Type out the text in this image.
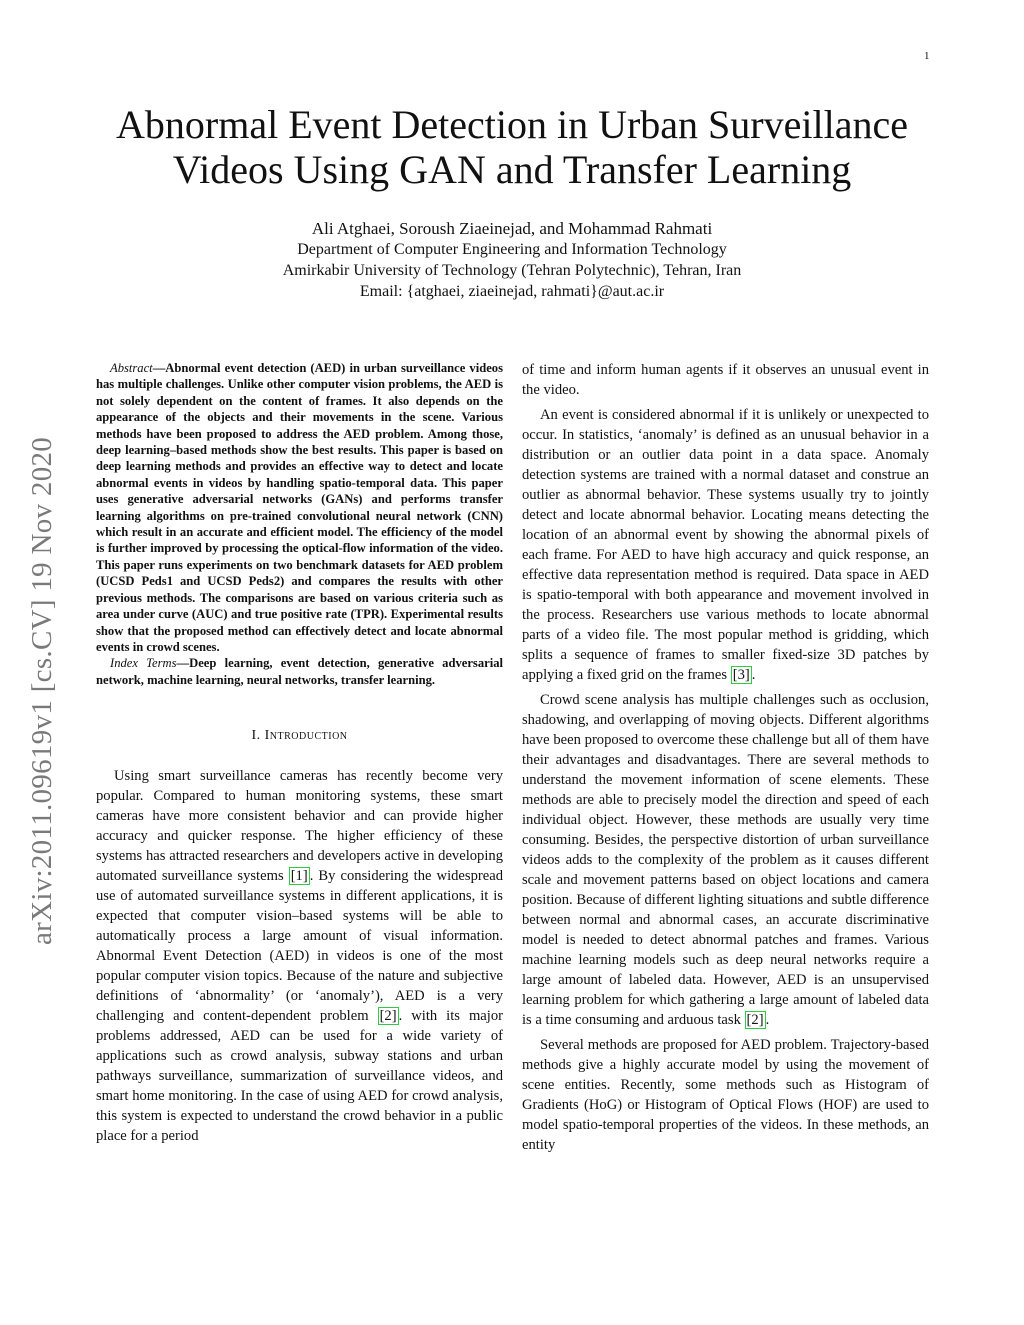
1
arXiv:2011.09619v1 [cs.CV] 19 Nov 2020
Abnormal Event Detection in Urban Surveillance
Videos Using GAN and Transfer Learning
Ali Atghaei, Soroush Ziaeinejad, and Mohammad Rahmati
Department of Computer Engineering and Information Technology
Amirkabir University of Technology (Tehran Polytechnic), Tehran, Iran
Email: {atghaei, ziaeinejad, rahmati}@aut.ac.ir

Abstract—Abnormal event detection (AED) in urban surveillance videos has multiple challenges. Unlike other computer vision problems, the AED is not solely dependent on the content of frames. It also depends on the appearance of the objects and their movements in the scene. Various methods have been proposed to address the AED problem. Among those, deep learning–based methods show the best results. This paper is based on deep learning methods and provides an effective way to detect and locate abnormal events in videos by handling spatio-temporal data. This paper uses generative adversarial networks (GANs) and performs transfer learning algorithms on pre-trained convolutional neural network (CNN) which result in an accurate and efficient model. The efficiency of the model is further improved by processing the optical-flow information of the video. This paper runs experiments on two benchmark datasets for AED problem (UCSD Peds1 and UCSD Peds2) and compares the results with other previous methods. The comparisons are based on various criteria such as area under curve (AUC) and true positive rate (TPR). Experimental results show that the proposed method can effectively detect and locate abnormal events in crowd scenes.

Index Terms—Deep learning, event detection, generative adversarial network, machine learning, neural networks, transfer learning.

I. Introduction

Using smart surveillance cameras has recently become very popular. Compared to human monitoring systems, these smart cameras have more consistent behavior and can provide higher accuracy and quicker response. The higher efficiency of these systems has attracted researchers and developers active in developing automated surveillance systems [1] . By considering the widespread use of automated surveillance systems in different applications, it is expected that computer vision–based systems will be able to automatically process a large amount of visual information. Abnormal Event Detection (AED) in videos is one of the most popular computer vision topics. Because of the nature and subjective definitions of ‘abnormality’ (or ‘anomaly’), AED is a very challenging and content-dependent problem [2] . with its major problems addressed, AED can be used for a wide variety of applications such as crowd analysis, subway stations and urban pathways surveillance, summarization of surveillance videos, and smart home monitoring. In the case of using AED for crowd analysis, this system is expected to understand the crowd behavior in a public place for a period

of time and inform human agents if it observes an unusual event in the video.

An event is considered abnormal if it is unlikely or unexpected to occur. In statistics, ‘anomaly’ is defined as an unusual behavior in a distribution or an outlier data point in a data space. Anomaly detection systems are trained with a normal dataset and construe an outlier as abnormal behavior. These systems usually try to jointly detect and locate abnormal behavior. Locating means detecting the location of an abnormal event by showing the abnormal pixels of each frame. For AED to have high accuracy and quick response, an effective data representation method is required. Data space in AED is spatio-temporal with both appearance and movement involved in the process. Researchers use various methods to locate abnormal parts of a video file. The most popular method is gridding, which splits a sequence of frames to smaller fixed-size 3D patches by applying a fixed grid on the frames [3] .

Crowd scene analysis has multiple challenges such as occlusion, shadowing, and overlapping of moving objects. Different algorithms have been proposed to overcome these challenge but all of them have their advantages and disadvantages. There are several methods to understand the movement information of scene elements. These methods are able to precisely model the direction and speed of each individual object. However, these methods are usually very time consuming. Besides, the perspective distortion of urban surveillance videos adds to the complexity of the problem as it causes different scale and movement patterns based on object locations and camera position. Because of different lighting situations and subtle difference between normal and abnormal cases, an accurate discriminative model is needed to detect abnormal patches and frames. Various machine learning models such as deep neural networks require a large amount of labeled data. However, AED is an unsupervised learning problem for which gathering a large amount of labeled data is a time consuming and arduous task [2] .

Several methods are proposed for AED problem. Trajectory-based methods give a highly accurate model by using the movement of scene entities. Recently, some methods such as Histogram of Gradients (HoG) or Histogram of Optical Flows (HOF) are used to model spatio-temporal properties of the videos. In these methods, an entity
